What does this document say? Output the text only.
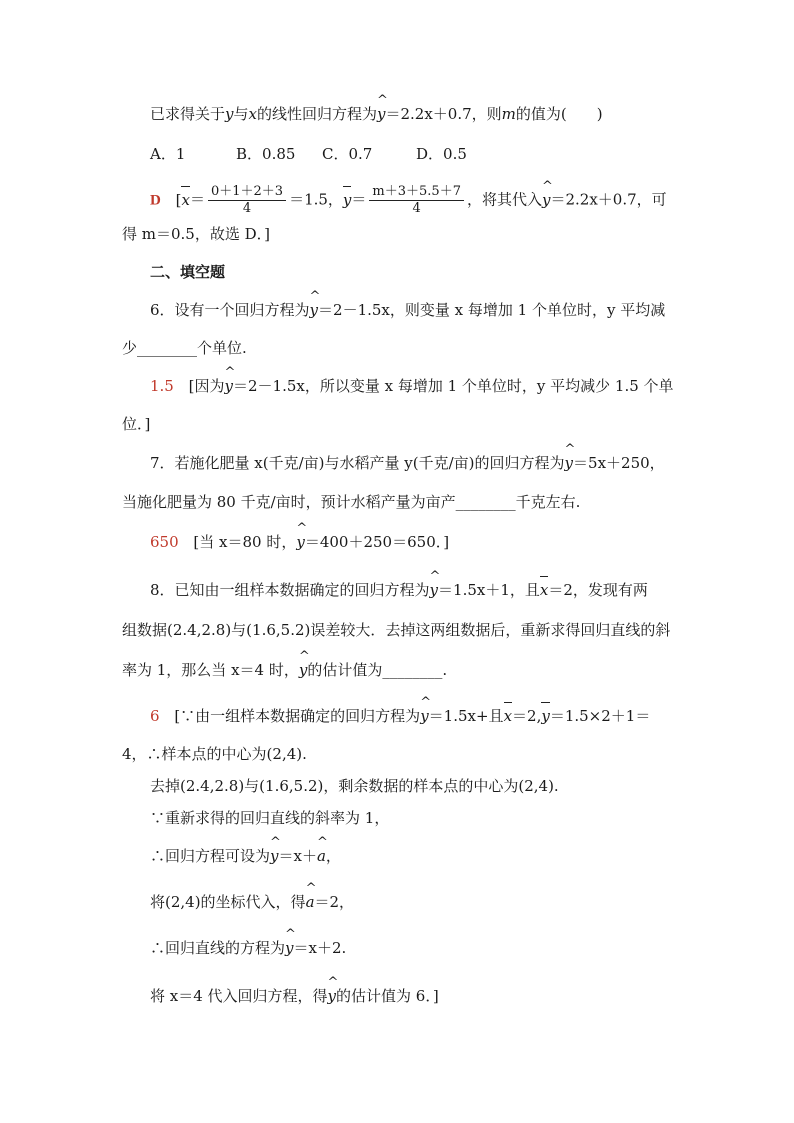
已求得关于y与x的线性回归方程为^ y＝2.2x＋0.7，则m的值为(　　)
A．1	B．0.85 C．0.7	D．0.5
D [$x= \frac{0+1+2+3}{4} =1.5$，$y= \frac{m+3+5.5+7}{4}$ ，将其代入^ y＝2.2x＋0.7，可
得 m＝0.5，故选 D．]
二、填空题
6．设有一个回归方程为^ y＝2－1.5x，则变量 x 每增加 1 个单位时，y 平均减
少________个单位.
1.5 [因为^ y＝2－1.5x，所以变量 x 每增加 1 个单位时，y 平均减少 1.5 个单
位．]
7．若施化肥量 x(千克/亩)与水稻产量 y(千克/亩)的回归方程为^ y＝5x＋250，
当施化肥量为 80 千克/亩时，预计水稻产量为亩产________千克左右.
650 [当 x＝80 时，^ y＝400＋250＝650．]
8．已知由一组样本数据确定的回归方程为^ y＝1.5x＋1，且x＝2，发现有两
组数据(2.4,2.8)与(1.6,5.2)误差较大．去掉这两组数据后，重新求得回归直线的斜
率为 1，那么当 x＝4 时，^ y的估计值为________.
6 [∵由一组样本数据确定的回归方程为^ y＝1.5x+且x＝2,y＝1.5×2＋1＝
4，∴样本点的中心为(2,4).
去掉(2.4,2.8)与(1.6,5.2)，剩余数据的样本点的中心为(2,4).
∵重新求得的回归直线的斜率为 1，
∴回归方程可设为^ y＝x＋^ a，
将(2,4)的坐标代入，得^ a＝2，
∴回归直线的方程为^ y＝x＋2.
将 x＝4 代入回归方程，得^ y的估计值为 6．]
